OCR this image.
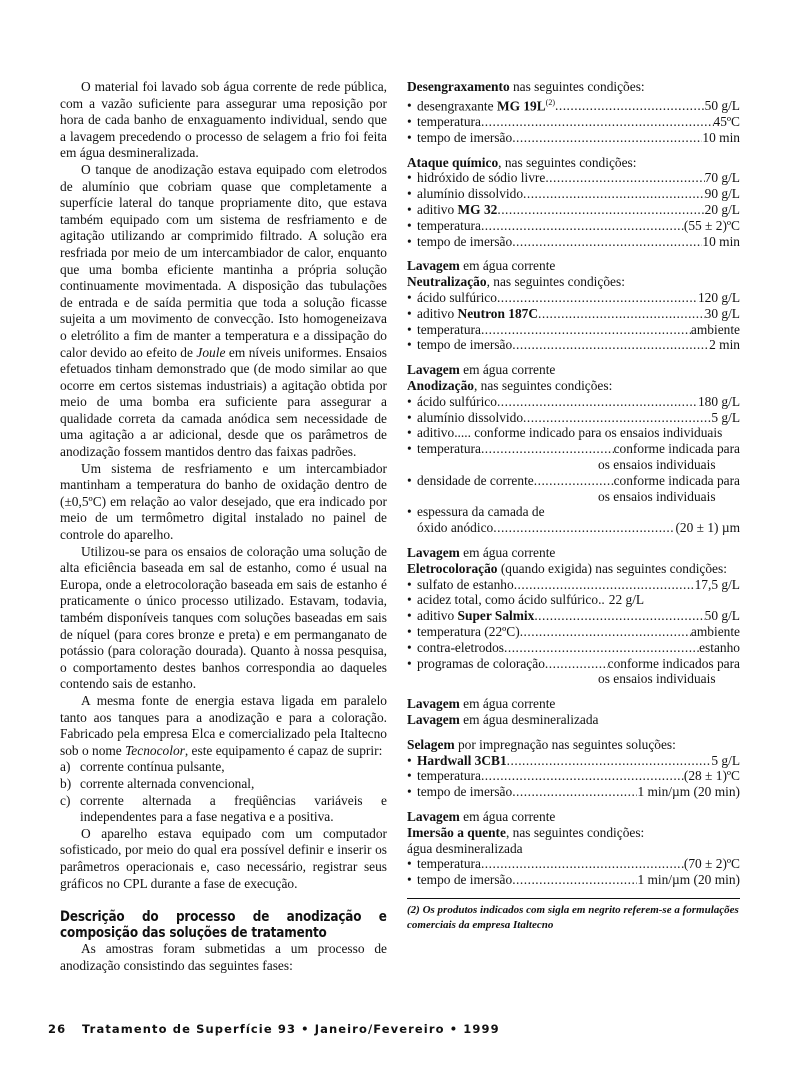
O material foi lavado sob água corrente de rede pública, com a vazão suficiente para assegurar uma reposição por hora de cada banho de enxaguamento individual, sendo que a lavagem precedendo o processo de selagem a frio foi feita em água desmineralizada.

O tanque de anodização estava equipado com eletrodos de alumínio que cobriam quase que completamente a superfície lateral do tanque propriamente dito, que estava também equipado com um sistema de resfriamento e de agitação utilizando ar comprimido filtrado. A solução era resfriada por meio de um intercambiador de calor, enquanto que uma bomba eficiente mantinha a própria solução continuamente movimentada. A disposição das tubulações de entrada e de saída permitia que toda a solução ficasse sujeita a um movimento de convecção. Isto homogeneizava o eletrólito a fim de manter a temperatura e a dissipação do calor devido ao efeito de Joule em níveis uniformes. Ensaios efetuados tinham demonstrado que (de modo similar ao que ocorre em certos sistemas industriais) a agitação obtida por meio de uma bomba era suficiente para assegurar a qualidade correta da camada anódica sem necessidade de uma agitação a ar adicional, desde que os parâmetros de anodização fossem mantidos dentro das faixas padrões.

Um sistema de resfriamento e um intercambiador mantinham a temperatura do banho de oxidação dentro de (±0,5ºC) em relação ao valor desejado, que era indicado por meio de um termômetro digital instalado no painel de controle do aparelho.

Utilizou-se para os ensaios de coloração uma solução de alta eficiência baseada em sal de estanho, como é usual na Europa, onde a eletrocoloração baseada em sais de estanho é praticamente o único processo utilizado. Estavam, todavia, também disponíveis tanques com soluções baseadas em sais de níquel (para cores bronze e preta) e em permanganato de potássio (para coloração dourada). Quanto à nossa pesquisa, o comportamento destes banhos correspondia ao daqueles contendo sais de estanho.

A mesma fonte de energia estava ligada em paralelo tanto aos tanques para a anodização e para a coloração. Fabricado pela empresa Elca e comercializado pela Italtecno sob o nome Tecnocolor, este equipamento é capaz de suprir:

a) corrente contínua pulsante,
b) corrente alternada convencional,
c) corrente alternada a freqüências variáveis e independentes para a fase negativa e a positiva.

O aparelho estava equipado com um computador sofisticado, por meio do qual era possível definir e inserir os parâmetros operacionais e, caso necessário, registrar seus gráficos no CPL durante a fase de execução.

Descrição do processo de anodização e composição das soluções de tratamento

As amostras foram submetidas a um processo de anodização consistindo das seguintes fases:

Desengraxamento nas seguintes condições:

• desengraxante MG $19L^{(2)}$ .....	50 g/L
• temperatura .....	45ºC
• tempo de imersão .....	10 min

Ataque químico, nas seguintes condições:

• hidróxido de sódio livre .....	70 g/L
• alumínio dissolvido .....	90 g/L
• aditivo MG 32 .....	20 g/L
• temperatura .....	(55 ± 2)ºC
• tempo de imersão .....	10 min

Lavagem em água corrente

Neutralização, nas seguintes condições:

• ácido sulfúrico .....	120 g/L
• aditivo Neutron 187C .....	30 g/L
• temperatura .....	ambiente
• tempo de imersão .....	2 min

Lavagem em água corrente

Anodização, nas seguintes condições:

• ácido sulfúrico .....	180 g/L
• alumínio dissolvido .....	5 g/L
• aditivo..... conforme indicado para os ensaios individuais
• temperatura .....	conforme indicada para
os ensaios individuais
• densidade de corrente .....	conforme indicada para
os ensaios individuais
• espessura da camada de
óxido anódico .....	(20 ± 1) µm

Lavagem em água corrente

Eletrocoloração (quando exigida) nas seguintes condições:

• sulfato de estanho .....	17,5 g/L
• acidez total, como ácido sulfúrico.. 22 g/L
• aditivo Super Salmix .....	50 g/L
• temperatura (22ºC) .....	ambiente
• contra-eletrodos .....	estanho
• programas de coloração .....	conforme indicados para
os ensaios individuais

Lavagem em água corrente

Lavagem em água desmineralizada

Selagem por impregnação nas seguintes soluções:

• Hardwall 3CB1 .....	5 g/L
• temperatura .....	(28 ± 1)ºC
• tempo de imersão .....	1 min/µm (20 min)

Lavagem em água corrente

Imersão a quente, nas seguintes condições:

água desmineralizada

• temperatura .....	(70 ± 2)ºC
• tempo de imersão .....	1 min/µm (20 min)
(2) Os produtos indicados com sigla em negrito referem-se a formulações comerciais da empresa Italtecno
26 Tratamento de Superfície 93 • Janeiro/Fevereiro • 1999
